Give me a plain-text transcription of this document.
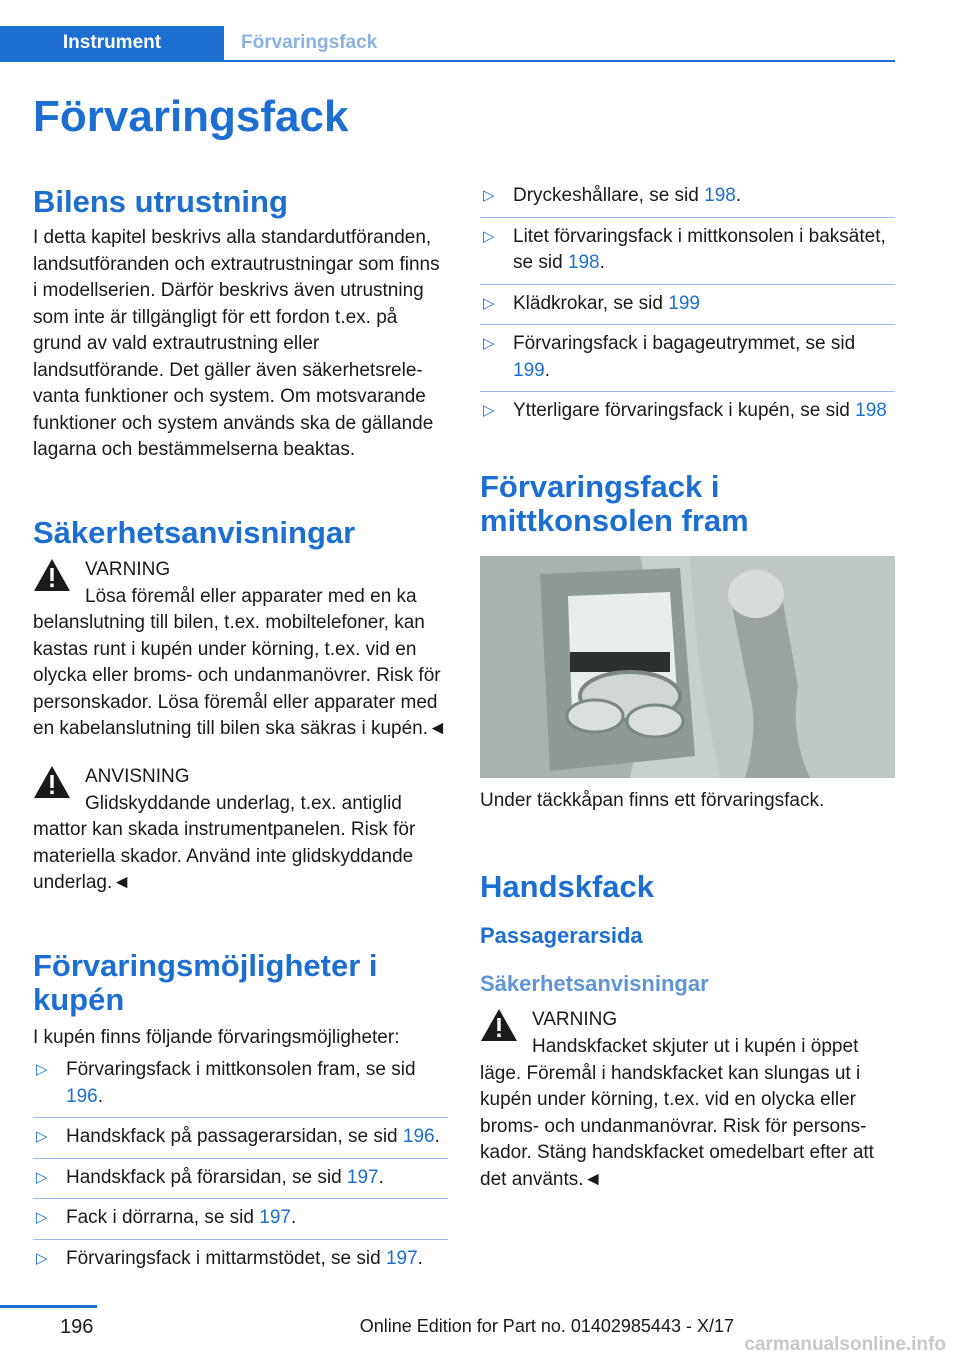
Instrument	Förvaringsfack
Förvaringsfack
Bilens utrustning

I detta kapitel beskrivs alla standardutföranden, landsutföranden och extrautrustningar som finns i modellserien. Därför beskrivs även utrustning som inte är tillgängligt för ett fordon t.ex. på grund av vald extrautrustning eller landsutförande. Det gäller även säkerhetsrelevanta funktioner och system. Om motsvarande funktioner och system används ska de gällande lagarna och bestämmelserna beaktas.

Säkerhetsanvisningar
VARNING
Lösa föremål eller apparater med en ka
belanslutning till bilen, t.ex. mobiltelefoner, kan kastas runt i kupén under körning, t.ex. vid en olycka eller broms- och undanmanövrer. Risk för personskador. Lösa föremål eller apparater med en kabelanslutning till bilen ska säkras i kupén.◄
ANVISNING
Glidskyddande underlag, t.ex. antiglid
mattor kan skada instrumentpanelen. Risk för materiella skador. Använd inte glidskyddande underlag.◄
Förvaringsmöjligheter i kupén

I kupén finns följande förvaringsmöjligheter:

▷ Förvaringsfack i mittkonsolen fram, se sid 196.
▷ Handskfack på passagerarsidan, se sid 196.
▷ Handskfack på förarsidan, se sid 197.
▷ Fack i dörrarna, se sid 197.
▷ Förvaringsfack i mittarmstödet, se sid 197.
▷ Dryckeshållare, se sid 198.
▷ Litet förvaringsfack i mittkonsolen i baksätet, se sid 198.
▷ Klädkrokar, se sid 199
▷ Förvaringsfack i bagageutrymmet, se sid 199.
▷ Ytterligare förvaringsfack i kupén, se sid 198
Förvaringsfack i mittkonsolen fram

Under täckkåpan finns ett förvaringsfack.

Handskfack
Passagerarsida
Säkerhetsanvisningar
VARNING
Handskfacket skjuter ut i kupén i öppet
läge. Föremål i handskfacket kan slungas ut i kupén under körning, t.ex. vid en olycka eller broms- och undanmanövrar. Risk för personskador. Stäng handskfacket omedelbart efter att det använts.◄
196	Online Edition for Part no. 01402985443 - X/17
carmanualsonline.info
